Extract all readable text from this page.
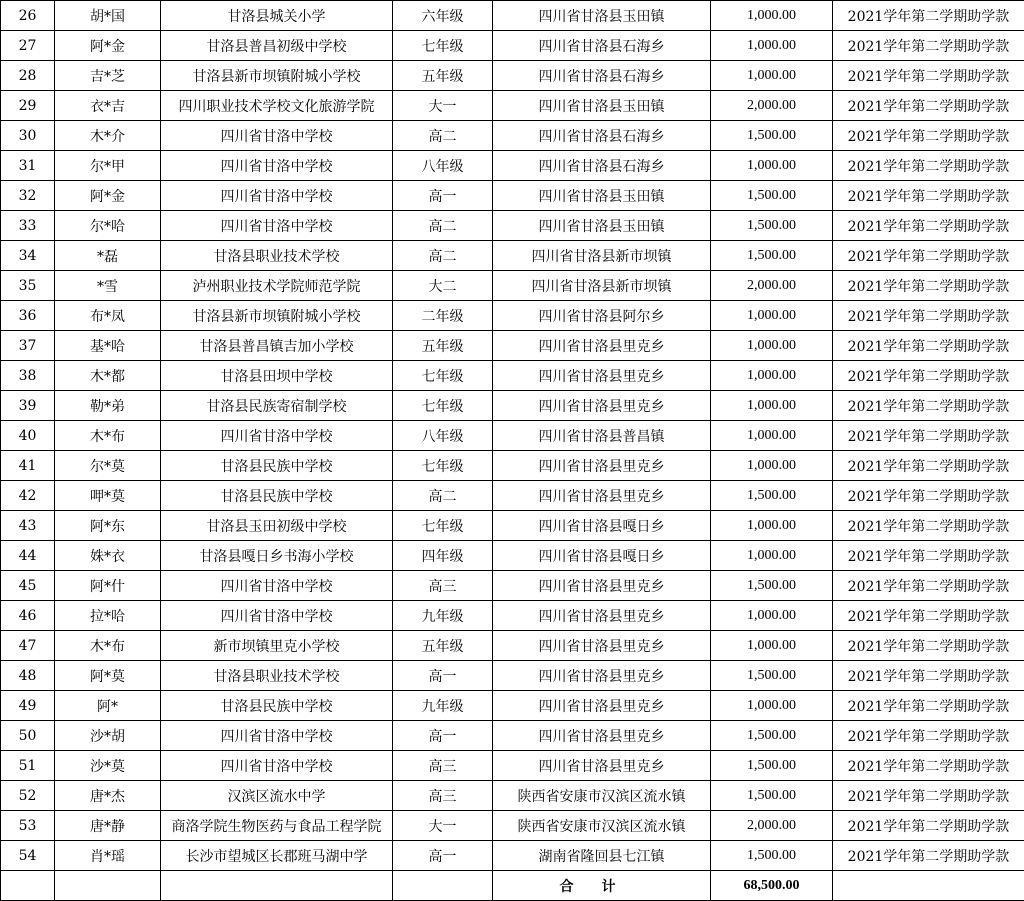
26	胡*国	甘洛县城关小学	六年级	四川省甘洛县玉田镇	1,000.00	2021学年第二学期助学款
27	阿*金	甘洛县普昌初级中学校	七年级	四川省甘洛县石海乡	1,000.00	2021学年第二学期助学款
28	吉*芝	甘洛县新市坝镇附城小学校	五年级	四川省甘洛县石海乡	1,000.00	2021学年第二学期助学款
29	衣*吉	四川职业技术学校文化旅游学院	大一	四川省甘洛县玉田镇	2,000.00	2021学年第二学期助学款
30	木*介	四川省甘洛中学校	高二	四川省甘洛县石海乡	1,500.00	2021学年第二学期助学款
31	尔*甲	四川省甘洛中学校	八年级	四川省甘洛县石海乡	1,000.00	2021学年第二学期助学款
32	阿*金	四川省甘洛中学校	高一	四川省甘洛县玉田镇	1,500.00	2021学年第二学期助学款
33	尔*哈	四川省甘洛中学校	高二	四川省甘洛县玉田镇	1,500.00	2021学年第二学期助学款
34	*磊	甘洛县职业技术学校	高二	四川省甘洛县新市坝镇	1,500.00	2021学年第二学期助学款
35	*雪	泸州职业技术学院师范学院	大二	四川省甘洛县新市坝镇	2,000.00	2021学年第二学期助学款
36	布*凤	甘洛县新市坝镇附城小学校	二年级	四川省甘洛县阿尔乡	1,000.00	2021学年第二学期助学款
37	基*哈	甘洛县普昌镇吉加小学校	五年级	四川省甘洛县里克乡	1,000.00	2021学年第二学期助学款
38	木*都	甘洛县田坝中学校	七年级	四川省甘洛县里克乡	1,000.00	2021学年第二学期助学款
39	勒*弟	甘洛县民族寄宿制学校	七年级	四川省甘洛县里克乡	1,000.00	2021学年第二学期助学款
40	木*布	四川省甘洛中学校	八年级	四川省甘洛县普昌镇	1,000.00	2021学年第二学期助学款
41	尔*莫	甘洛县民族中学校	七年级	四川省甘洛县里克乡	1,000.00	2021学年第二学期助学款
42	呷*莫	甘洛县民族中学校	高二	四川省甘洛县里克乡	1,500.00	2021学年第二学期助学款
43	阿*东	甘洛县玉田初级中学校	七年级	四川省甘洛县嘎日乡	1,000.00	2021学年第二学期助学款
44	姝*衣	甘洛县嘎日乡书海小学校	四年级	四川省甘洛县嘎日乡	1,000.00	2021学年第二学期助学款
45	阿*什	四川省甘洛中学校	高三	四川省甘洛县里克乡	1,500.00	2021学年第二学期助学款
46	拉*哈	四川省甘洛中学校	九年级	四川省甘洛县里克乡	1,000.00	2021学年第二学期助学款
47	木*布	新市坝镇里克小学校	五年级	四川省甘洛县里克乡	1,000.00	2021学年第二学期助学款
48	阿*莫	甘洛县职业技术学校	高一	四川省甘洛县里克乡	1,500.00	2021学年第二学期助学款
49	阿*	甘洛县民族中学校	九年级	四川省甘洛县里克乡	1,000.00	2021学年第二学期助学款
50	沙*胡	四川省甘洛中学校	高一	四川省甘洛县里克乡	1,500.00	2021学年第二学期助学款
51	沙*莫	四川省甘洛中学校	高三	四川省甘洛县里克乡	1,500.00	2021学年第二学期助学款
52	唐*杰	汉滨区流水中学	高三	陕西省安康市汉滨区流水镇	1,500.00	2021学年第二学期助学款
53	唐*静	商洛学院生物医药与食品工程学院	大一	陕西省安康市汉滨区流水镇	2,000.00	2021学年第二学期助学款
54	肖*瑶	长沙市望城区长郡班马湖中学	高一	湖南省隆回县七江镇	1,500.00	2021学年第二学期助学款
				合计	68,500.00	
